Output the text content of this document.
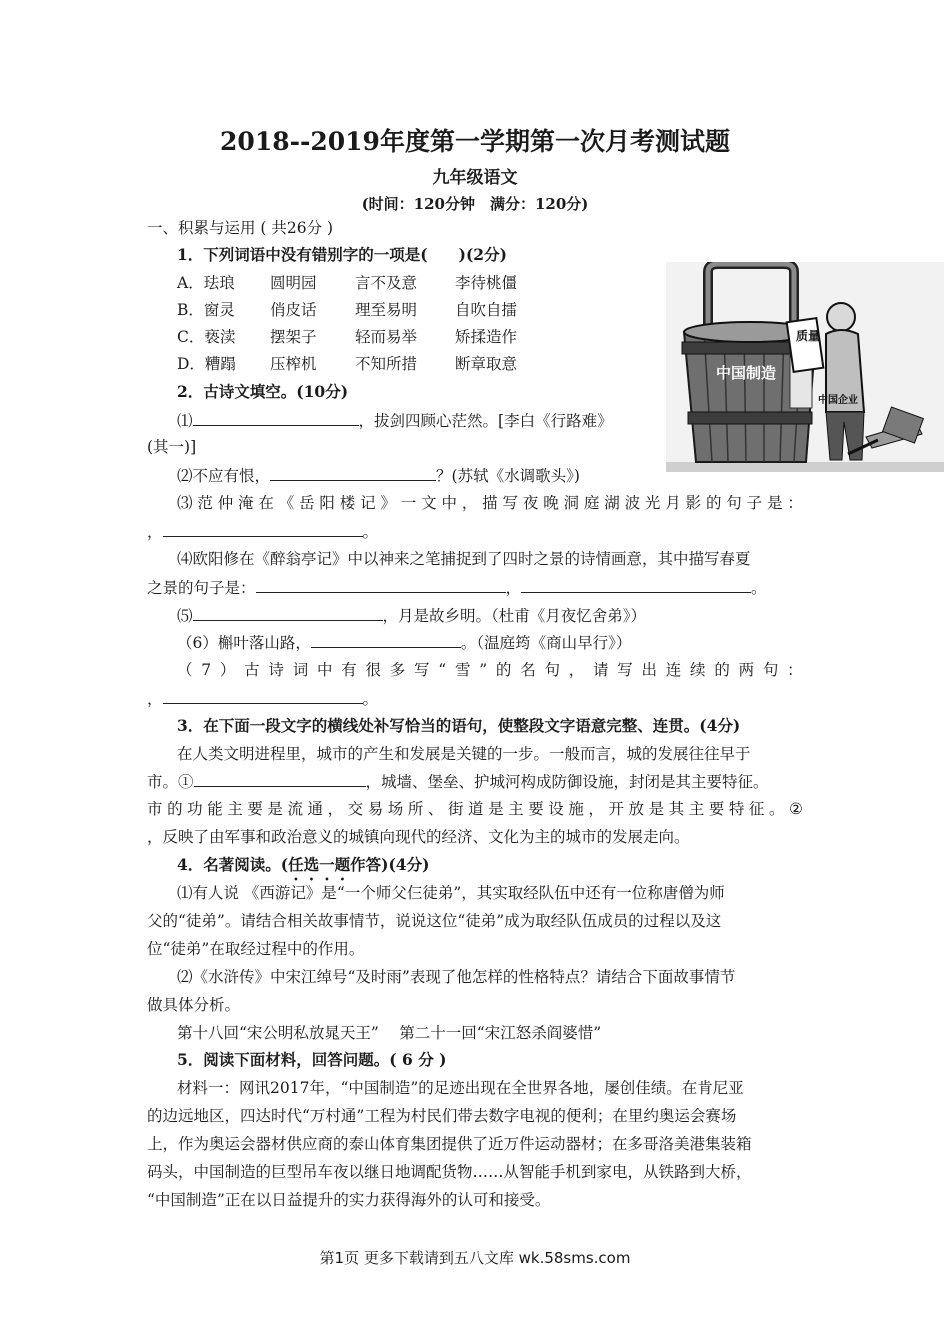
2018--2019年度第一学期第一次月考测试题
九年级语文
(时间：120分钟　满分：120分)
一、积累与运用 ( 共26分 )
1．下列词语中没有错别字的一项是(　　)(2分)
A．珐琅 圆明园 言不及意 李待桃僵
B．窗灵 俏皮话 理至易明 自吹自擂
C．亵渎 摆架子 轻而易举 矫揉造作
D．糟蹋 压榨机 不知所措 断章取意
2．古诗文填空。(10分)
⑴	，拔剑四顾心茫然。[李白《行路难》
(其一)]
⑵不应有恨，	？(苏轼《水调歌头》)
⑶ 范 仲 淹 在 《 岳 阳 楼 记 》 一 文 中 ， 描 写 夜 晚 洞 庭 湖 波 光 月 影 的 句 子 是 ：
，	。
⑷欧阳修在《醉翁亭记》中以神来之笔捕捉到了四时之景的诗情画意，其中描写春夏
之景的句子是：	，	。
⑸	，月是故乡明。（杜甫《月夜忆舍弟》）
（6）槲叶落山路，	。（温庭筠《商山早行》）
（ 7 ） 古 诗 词 中 有 很 多 写 “ 雪 ” 的 名 句 ， 请 写 出 连 续 的 两 句 ：
，	。
3．在下面一段文字的横线处补写恰当的语句，使整段文字语意完整、连贯。(4分)
在人类文明进程里，城市的产生和发展是关键的一步。一般而言，城的发展往往早于
市。①	，城墙、堡垒、护城河构成防御设施，封闭是其主要特征。
市 的 功 能 主 要 是 流 通 ， 交 易 场 所 、 街 道 是 主 要 设 施 ， 开 放 是 其 主 要 特 征 。 ②
，反映了由军事和政治意义的城镇向现代的经济、文化为主的城市的发展走向。
4．名著阅读。(任选一题作答)(4分)
⑴有人说 《西游记》是“一个师父仨徒弟”，其实取经队伍中还有一位称唐僧为师
父的“徒弟”。请结合相关故事情节，说说这位“徒弟”成为取经队伍成员的过程以及这
位“徒弟”在取经过程中的作用。
⑵《水浒传》中宋江绰号“及时雨”表现了他怎样的性格特点？请结合下面故事情节
做具体分析。
第十八回“宋公明私放晁天王”　 第二十一回“宋江怒杀阎婆惜”
5．阅读下面材料，回答问题。( 6 分 )
材料一：网讯2017年，“中国制造”的足迹出现在全世界各地，屡创佳绩。在肯尼亚
的边远地区，四达时代“万村通”工程为村民们带去数字电视的便利；在里约奥运会赛场
上，作为奥运会器材供应商的泰山体育集团提供了近万件运动器材；在多哥洛美港集装箱
码头，中国制造的巨型吊车夜以继日地调配货物……从智能手机到家电，从铁路到大桥，
“中国制造”正在以日益提升的实力获得海外的认可和接受。
中国制造
质量
中国企业
第1页 更多下载请到五八文库 wk.58sms.com
